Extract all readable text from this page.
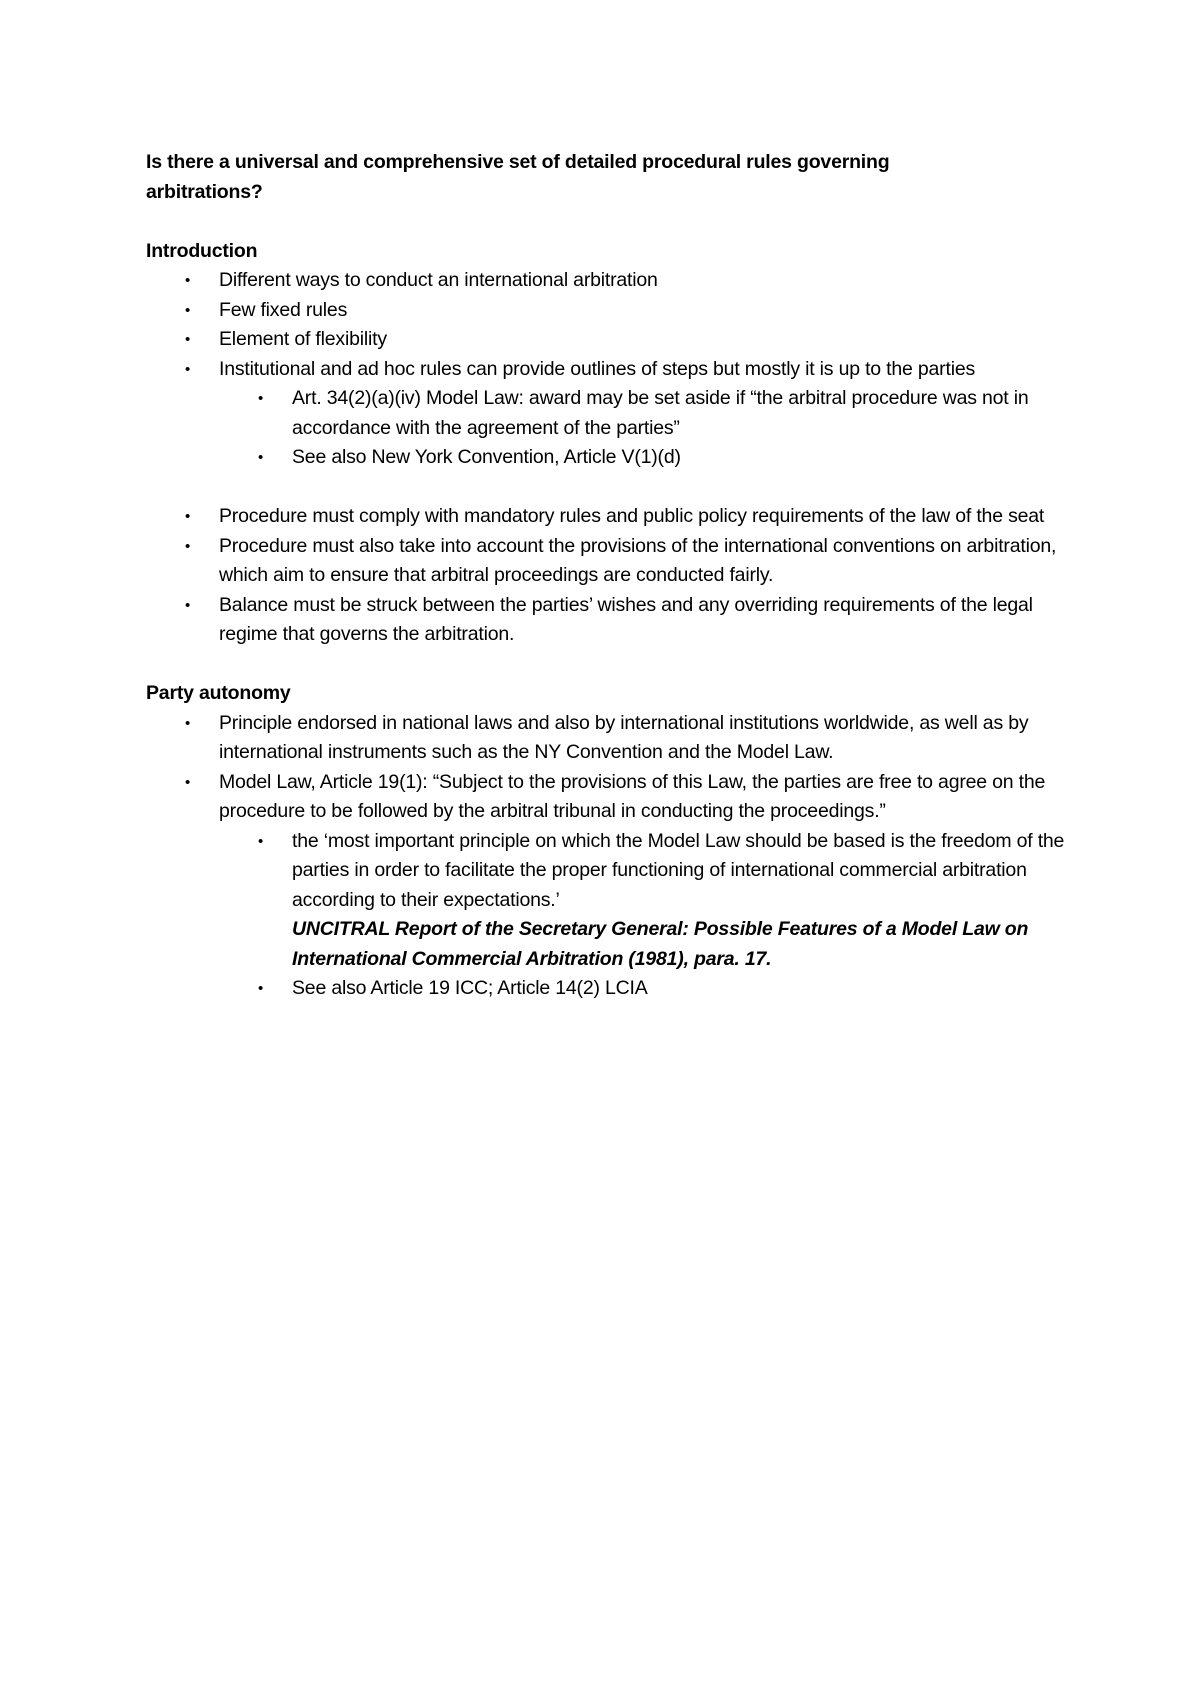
Is there a universal and comprehensive set of detailed procedural rules governing arbitrations?

Introduction

• Different ways to conduct an international arbitration
• Few fixed rules
• Element of flexibility
• Institutional and ad hoc rules can provide outlines of steps but mostly it is up to the parties
• Art. 34(2)(a)(iv) Model Law: award may be set aside if “the arbitral procedure was not in accordance with the agreement of the parties”
• See also New York Convention, Article V(1)(d)
• Procedure must comply with mandatory rules and public policy requirements of the law of the seat
• Procedure must also take into account the provisions of the international conventions on arbitration, which aim to ensure that arbitral proceedings are conducted fairly.
• Balance must be struck between the parties’ wishes and any overriding requirements of the legal regime that governs the arbitration.

Party autonomy

• Principle endorsed in national laws and also by international institutions worldwide, as well as by international instruments such as the NY Convention and the Model Law.
• Model Law, Article 19(1): “Subject to the provisions of this Law, the parties are free to agree on the procedure to be followed by the arbitral tribunal in conducting the proceedings.”
• the ‘most important principle on which the Model Law should be based is the freedom of the parties in order to facilitate the proper functioning of international commercial arbitration according to their expectations.’
UNCITRAL Report of the Secretary General: Possible Features of a Model Law on International Commercial Arbitration (1981), para. 17.
• See also Article 19 ICC; Article 14(2) LCIA
